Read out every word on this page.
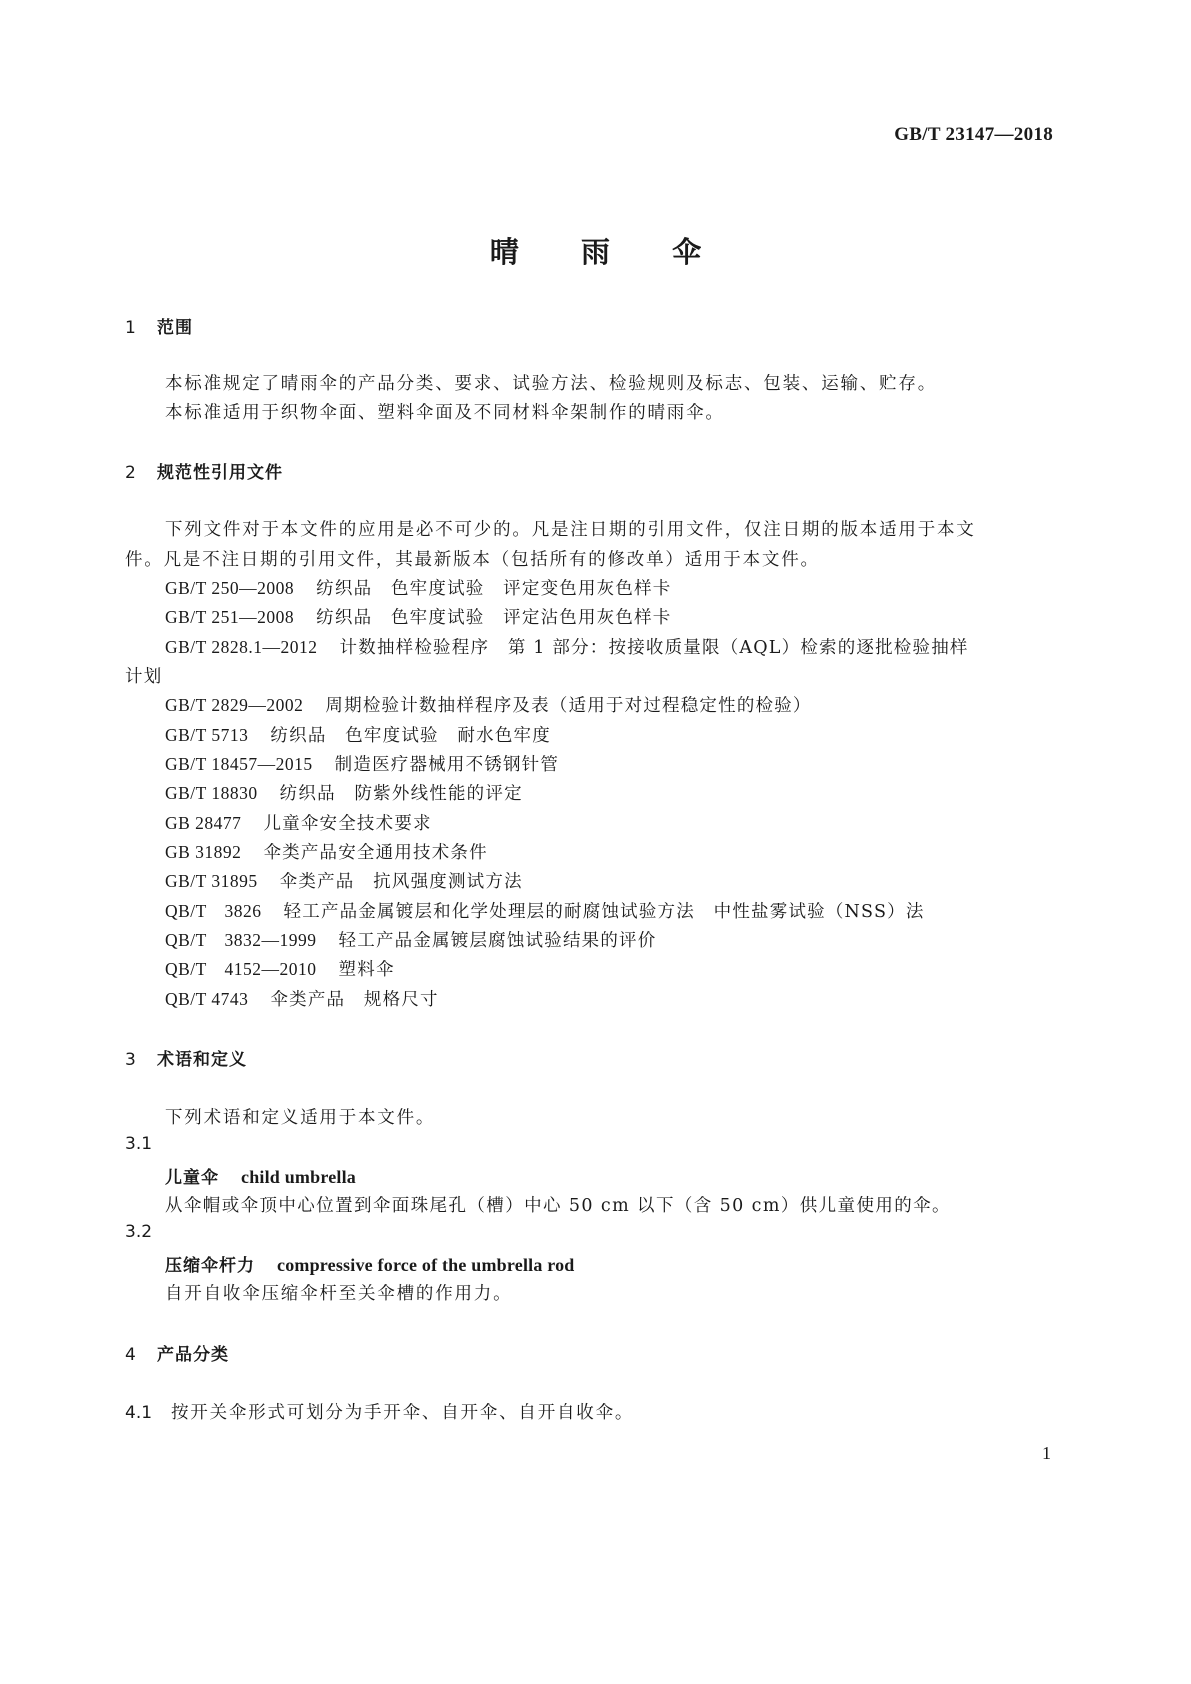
GB/T 23147—2018
晴 雨 伞
1 范围
本标准规定了晴雨伞的产品分类、要求、试验方法、检验规则及标志、包装、运输、贮存。
本标准适用于织物伞面、塑料伞面及不同材料伞架制作的晴雨伞。
2 规范性引用文件
下列文件对于本文件的应用是必不可少的。凡是注日期的引用文件，仅注日期的版本适用于本文
件。凡是不注日期的引用文件，其最新版本（包括所有的修改单）适用于本文件。
GB/T 250—2008 纺织品　色牢度试验　评定变色用灰色样卡
GB/T 251—2008 纺织品　色牢度试验　评定沾色用灰色样卡
GB/T 2828.1—2012 计数抽样检验程序　第 1 部分：按接收质量限（AQL）检索的逐批检验抽样
计划
GB/T 2829—2002 周期检验计数抽样程序及表（适用于对过程稳定性的检验）
GB/T 5713 纺织品　色牢度试验　耐水色牢度
GB/T 18457—2015 制造医疗器械用不锈钢针管
GB/T 18830 纺织品　防紫外线性能的评定
GB 28477 儿童伞安全技术要求
GB 31892 伞类产品安全通用技术条件
GB/T 31895 伞类产品　抗风强度测试方法
QB/T　3826 轻工产品金属镀层和化学处理层的耐腐蚀试验方法　中性盐雾试验（NSS）法
QB/T　3832—1999 轻工产品金属镀层腐蚀试验结果的评价
QB/T　4152—2010 塑料伞
QB/T 4743 伞类产品　规格尺寸
3 术语和定义
下列术语和定义适用于本文件。
3.1
儿童伞 child umbrella
从伞帽或伞顶中心位置到伞面珠尾孔（槽）中心 50 cm 以下（含 50 cm）供儿童使用的伞。
3.2
压缩伞杆力 compressive force of the umbrella rod
自开自收伞压缩伞杆至关伞槽的作用力。
4 产品分类
4.1 按开关伞形式可划分为手开伞、自开伞、自开自收伞。
1
